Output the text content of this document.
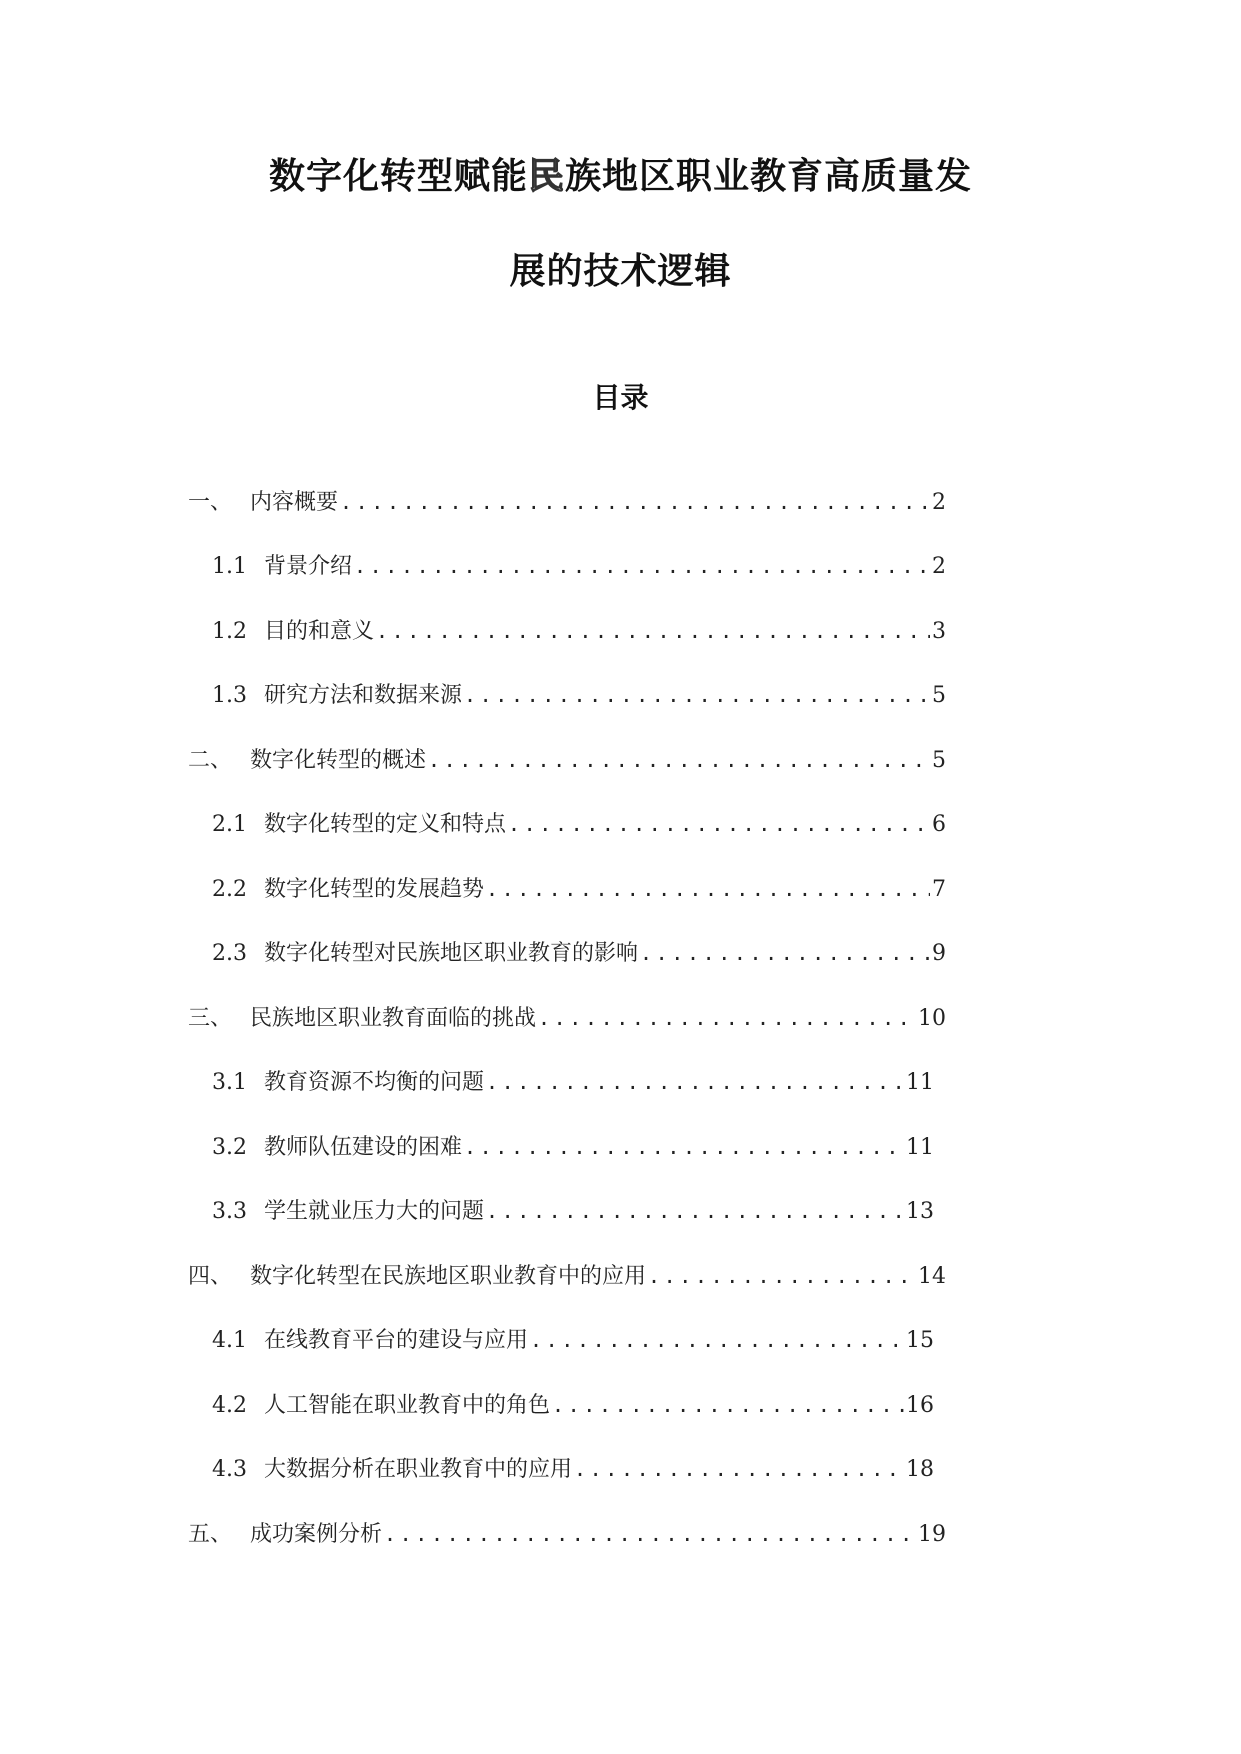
数字化转型赋能民族地区职业教育高质量发
展的技术逻辑
目录
一、 内容概要 .....	2
1.1 背景介绍 .....	2
1.2 目的和意义 .....	3
1.3 研究方法和数据来源 .....	5
二、 数字化转型的概述 .....	5
2.1 数字化转型的定义和特点 .....	6
2.2 数字化转型的发展趋势 .....	7
2.3 数字化转型对民族地区职业教育的影响 .....	9
三、 民族地区职业教育面临的挑战 .....	10
3.1 教育资源不均衡的问题 .....	11
3.2 教师队伍建设的困难 .....	11
3.3 学生就业压力大的问题 .....	13
四、 数字化转型在民族地区职业教育中的应用 .....	14
4.1 在线教育平台的建设与应用 .....	15
4.2 人工智能在职业教育中的角色 .....	16
4.3 大数据分析在职业教育中的应用 .....	18
五、 成功案例分析 .....	19
